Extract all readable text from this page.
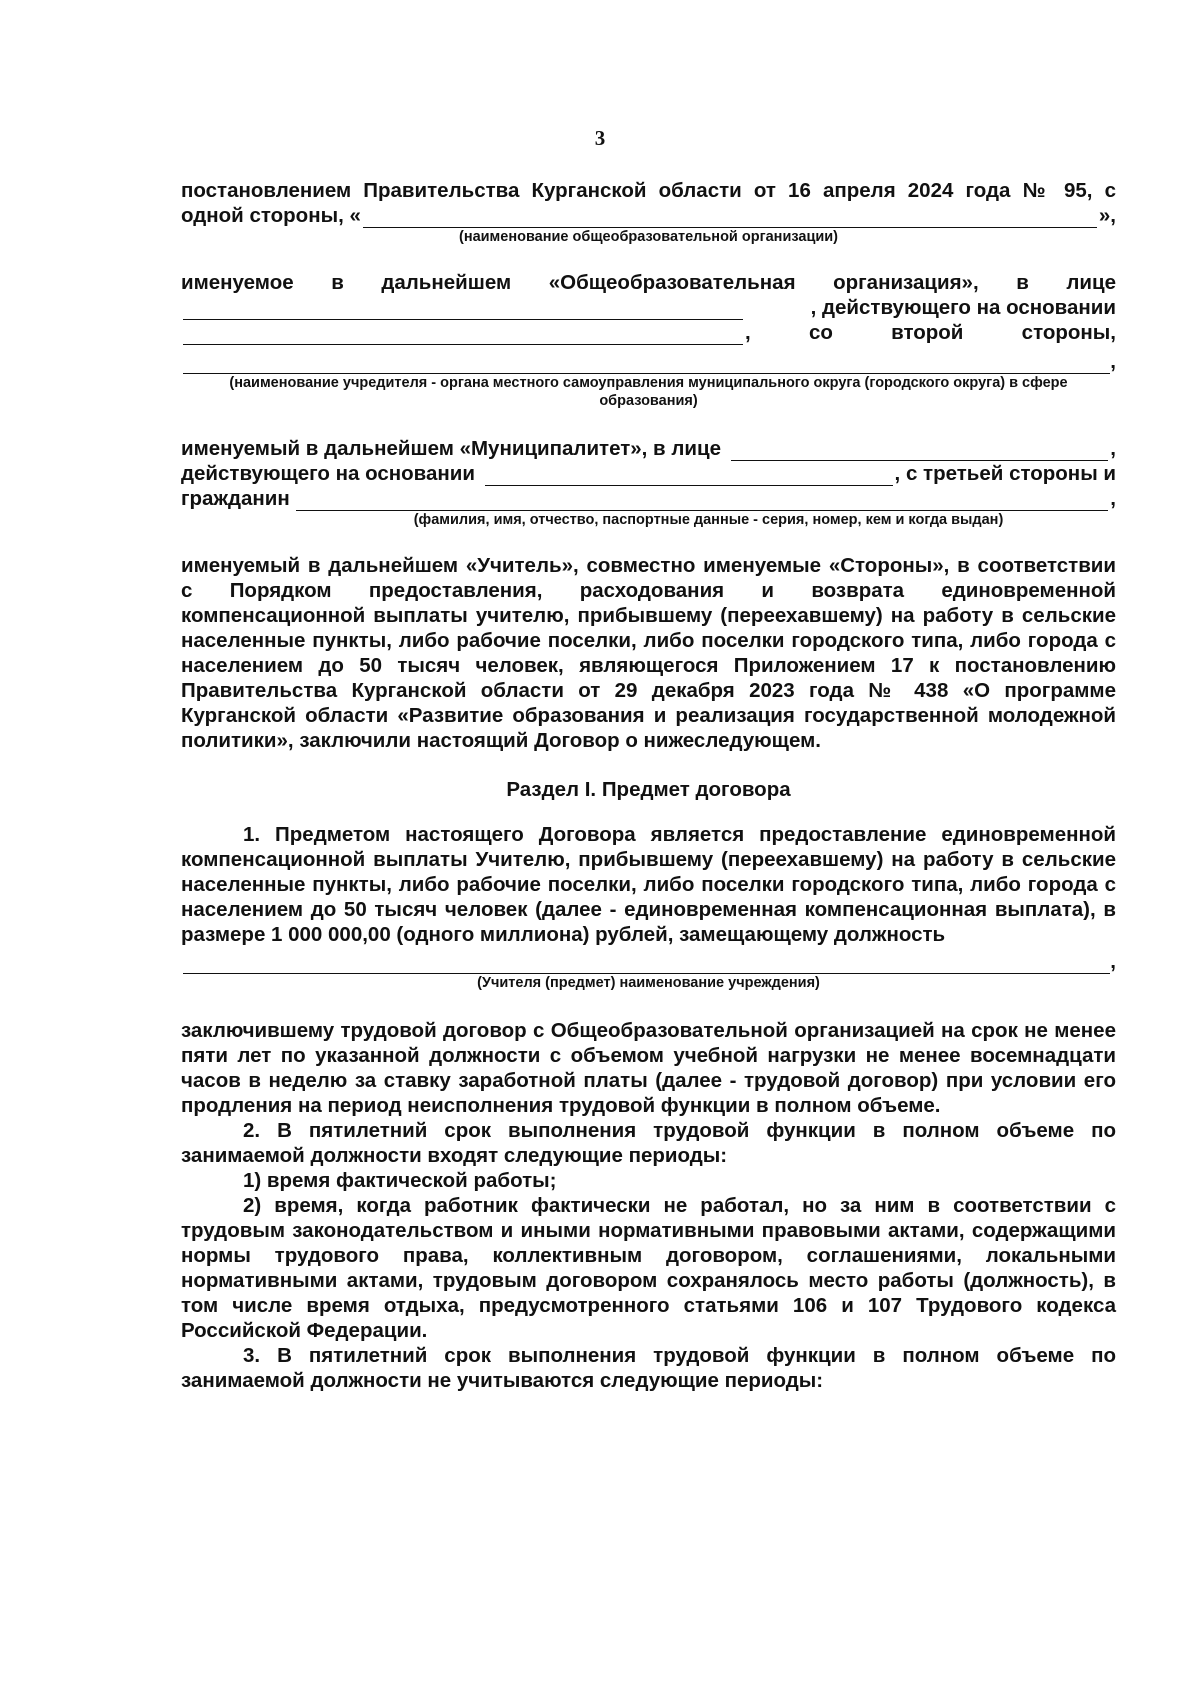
3

постановлением Правительства Курганской области от 16 апреля 2024 года № 95, с

одной стороны, «	»,
(наименование общеобразовательной организации)

именуемое в дальнейшем «Общеобразовательная организация», в лице

, действующего на основании
, со второй стороны,
,
(наименование учредителя - органа местного самоуправления муниципального округа (городского округа) в сфере образования)
именуемый в дальнейшем «Муниципалитет», в лице	,
действующего на основании	, с третьей стороны и
гражданин	,
(фамилия, имя, отчество, паспортные данные - серия, номер, кем и когда выдан)

именуемый в дальнейшем «Учитель», совместно именуемые «Стороны», в соответствии с Порядком предоставления, расходования и возврата единовременной компенсационной выплаты учителю, прибывшему (переехавшему) на работу в сельские населенные пункты, либо рабочие поселки, либо поселки городского типа, либо города с населением до 50 тысяч человек, являющегося Приложением 17 к постановлению Правительства Курганской области от 29 декабря 2023 года № 438 «О программе Курганской области «Развитие образования и реализация государственной молодежной политики», заключили настоящий Договор о нижеследующем.

Раздел I. Предмет договора

1. Предметом настоящего Договора является предоставление единовременной компенсационной выплаты Учителю, прибывшему (переехавшему) на работу в сельские населенные пункты, либо рабочие поселки, либо поселки городского типа, либо города с населением до 50 тысяч человек (далее - единовременная компенсационная выплата), в размере 1 000 000,00 (одного миллиона) рублей, замещающему должность

,
(Учителя (предмет) наименование учреждения)

заключившему трудовой договор с Общеобразовательной организацией на срок не менее пяти лет по указанной должности с объемом учебной нагрузки не менее восемнадцати часов в неделю за ставку заработной платы (далее - трудовой договор) при условии его продления на период неисполнения трудовой функции в полном объеме.

2. В пятилетний срок выполнения трудовой функции в полном объеме по занимаемой должности входят следующие периоды:

1) время фактической работы;

2) время, когда работник фактически не работал, но за ним в соответствии с трудовым законодательством и иными нормативными правовыми актами, содержащими нормы трудового права, коллективным договором, соглашениями, локальными нормативными актами, трудовым договором сохранялось место работы (должность), в том числе время отдыха, предусмотренного статьями 106 и 107 Трудового кодекса Российской Федерации.

3. В пятилетний срок выполнения трудовой функции в полном объеме по занимаемой должности не учитываются следующие периоды:
